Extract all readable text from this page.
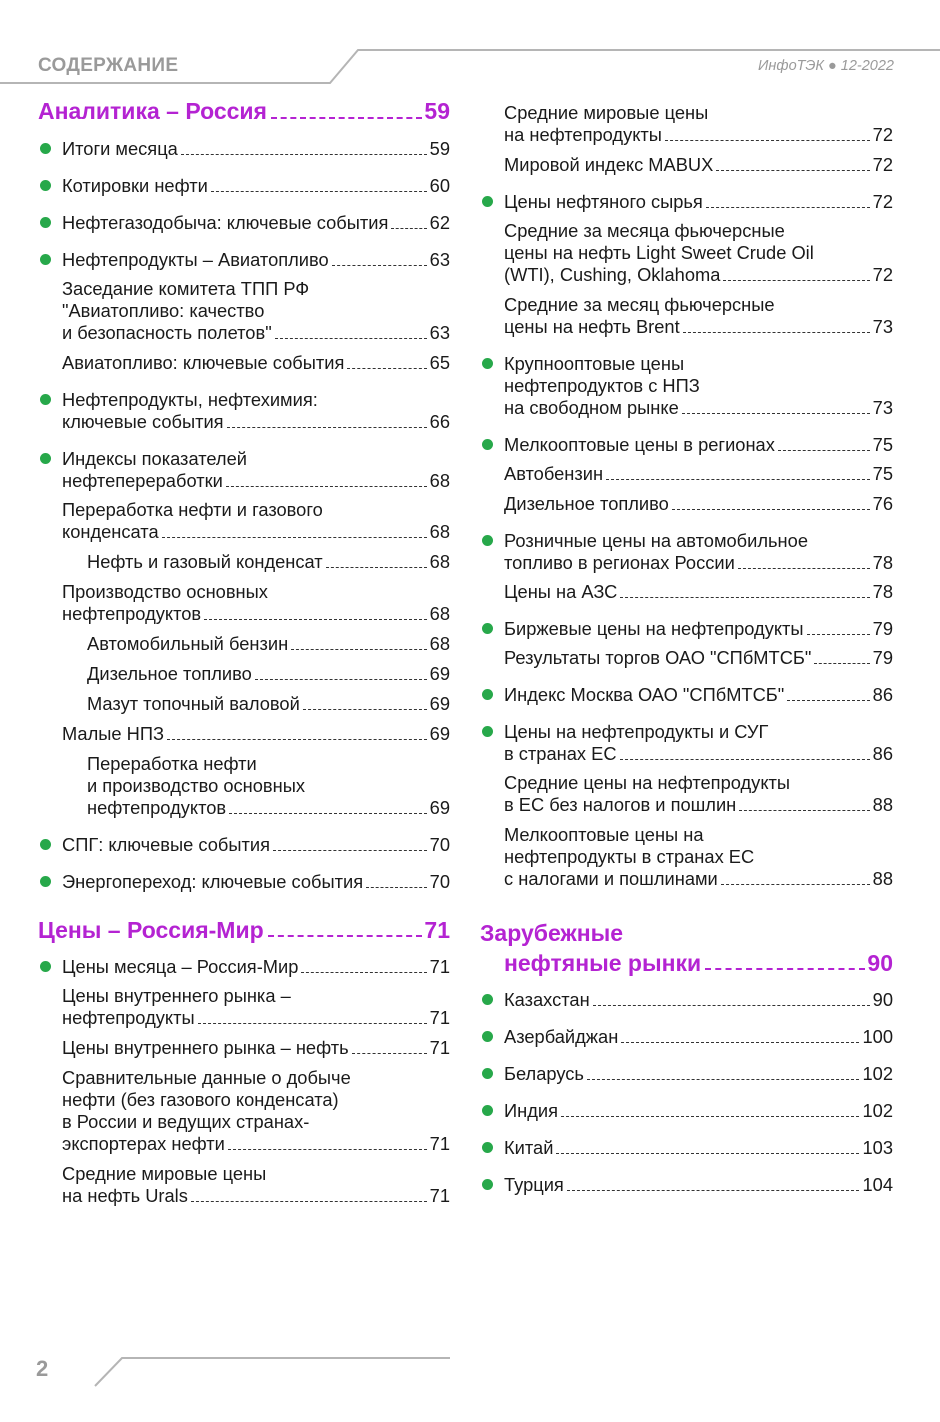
СОДЕРЖАНИЕ	ИнфоТЭК ● 12-2022
Аналитика – Россия	59
Итоги месяца	59
Котировки нефти	60
Нефтегазодобыча: ключевые события 62
Нефтепродукты – Авиатопливо	63
Заседание комитета ТПП РФ
"Авиатопливо: качество
и безопасность полетов"	63
Авиатопливо: ключевые события	65
Нефтепродукты, нефтехимия:
ключевые события	66
Индексы показателей
нефтепереработки	68
Переработка нефти и газового
конденсата	68
Нефть и газовый конденсат	68
Производство основных
нефтепродуктов	68
Автомобильный бензин	68
Дизельное топливо	69
Мазут топочный валовой	69
Малые НПЗ	69
Переработка нефти
и производство основных
нефтепродуктов	69
СПГ: ключевые события	70
Энергопереход: ключевые события	70
Цены – Россия-Мир	71
Цены месяца – Россия-Мир	71
Цены внутреннего рынка –
нефтепродукты	71
Цены внутреннего рынка – нефть	71
Сравнительные данные о добыче
нефти (без газового конденсата)
в России и ведущих странах-
экспортерах нефти	71
Средние мировые цены
на нефть Urals	71
Средние мировые цены
на нефтепродукты	72
Мировой индекс MABUX	72
Цены нефтяного сырья	72
Средние за месяца фьючерсные
цены на нефть Light Sweet Crude Oil
(WTI), Cushing, Oklahoma	72
Средние за месяц фьючерсные
цены на нефть Brent	73
Крупнооптовые цены
нефтепродуктов с НПЗ
на свободном рынке	73
Мелкооптовые цены в регионах	75
Автобензин	75
Дизельное топливо	76
Розничные цены на автомобильное
топливо в регионах России	78
Цены на АЗС	78
Биржевые цены на нефтепродукты	79
Результаты торгов ОАО "СПбМТСБ"	79
Индекс Москва ОАО "СПбМТСБ"	86
Цены на нефтепродукты и СУГ
в странах ЕС	86
Средние цены на нефтепродукты
в ЕС без налогов и пошлин	88
Мелкооптовые цены на
нефтепродукты в странах ЕС
с налогами и пошлинами	88
Зарубежные
нефтяные рынки	90
Казахстан	90
Азербайджан	100
Беларусь	102
Индия	102
Китай	103
Турция	104
2
